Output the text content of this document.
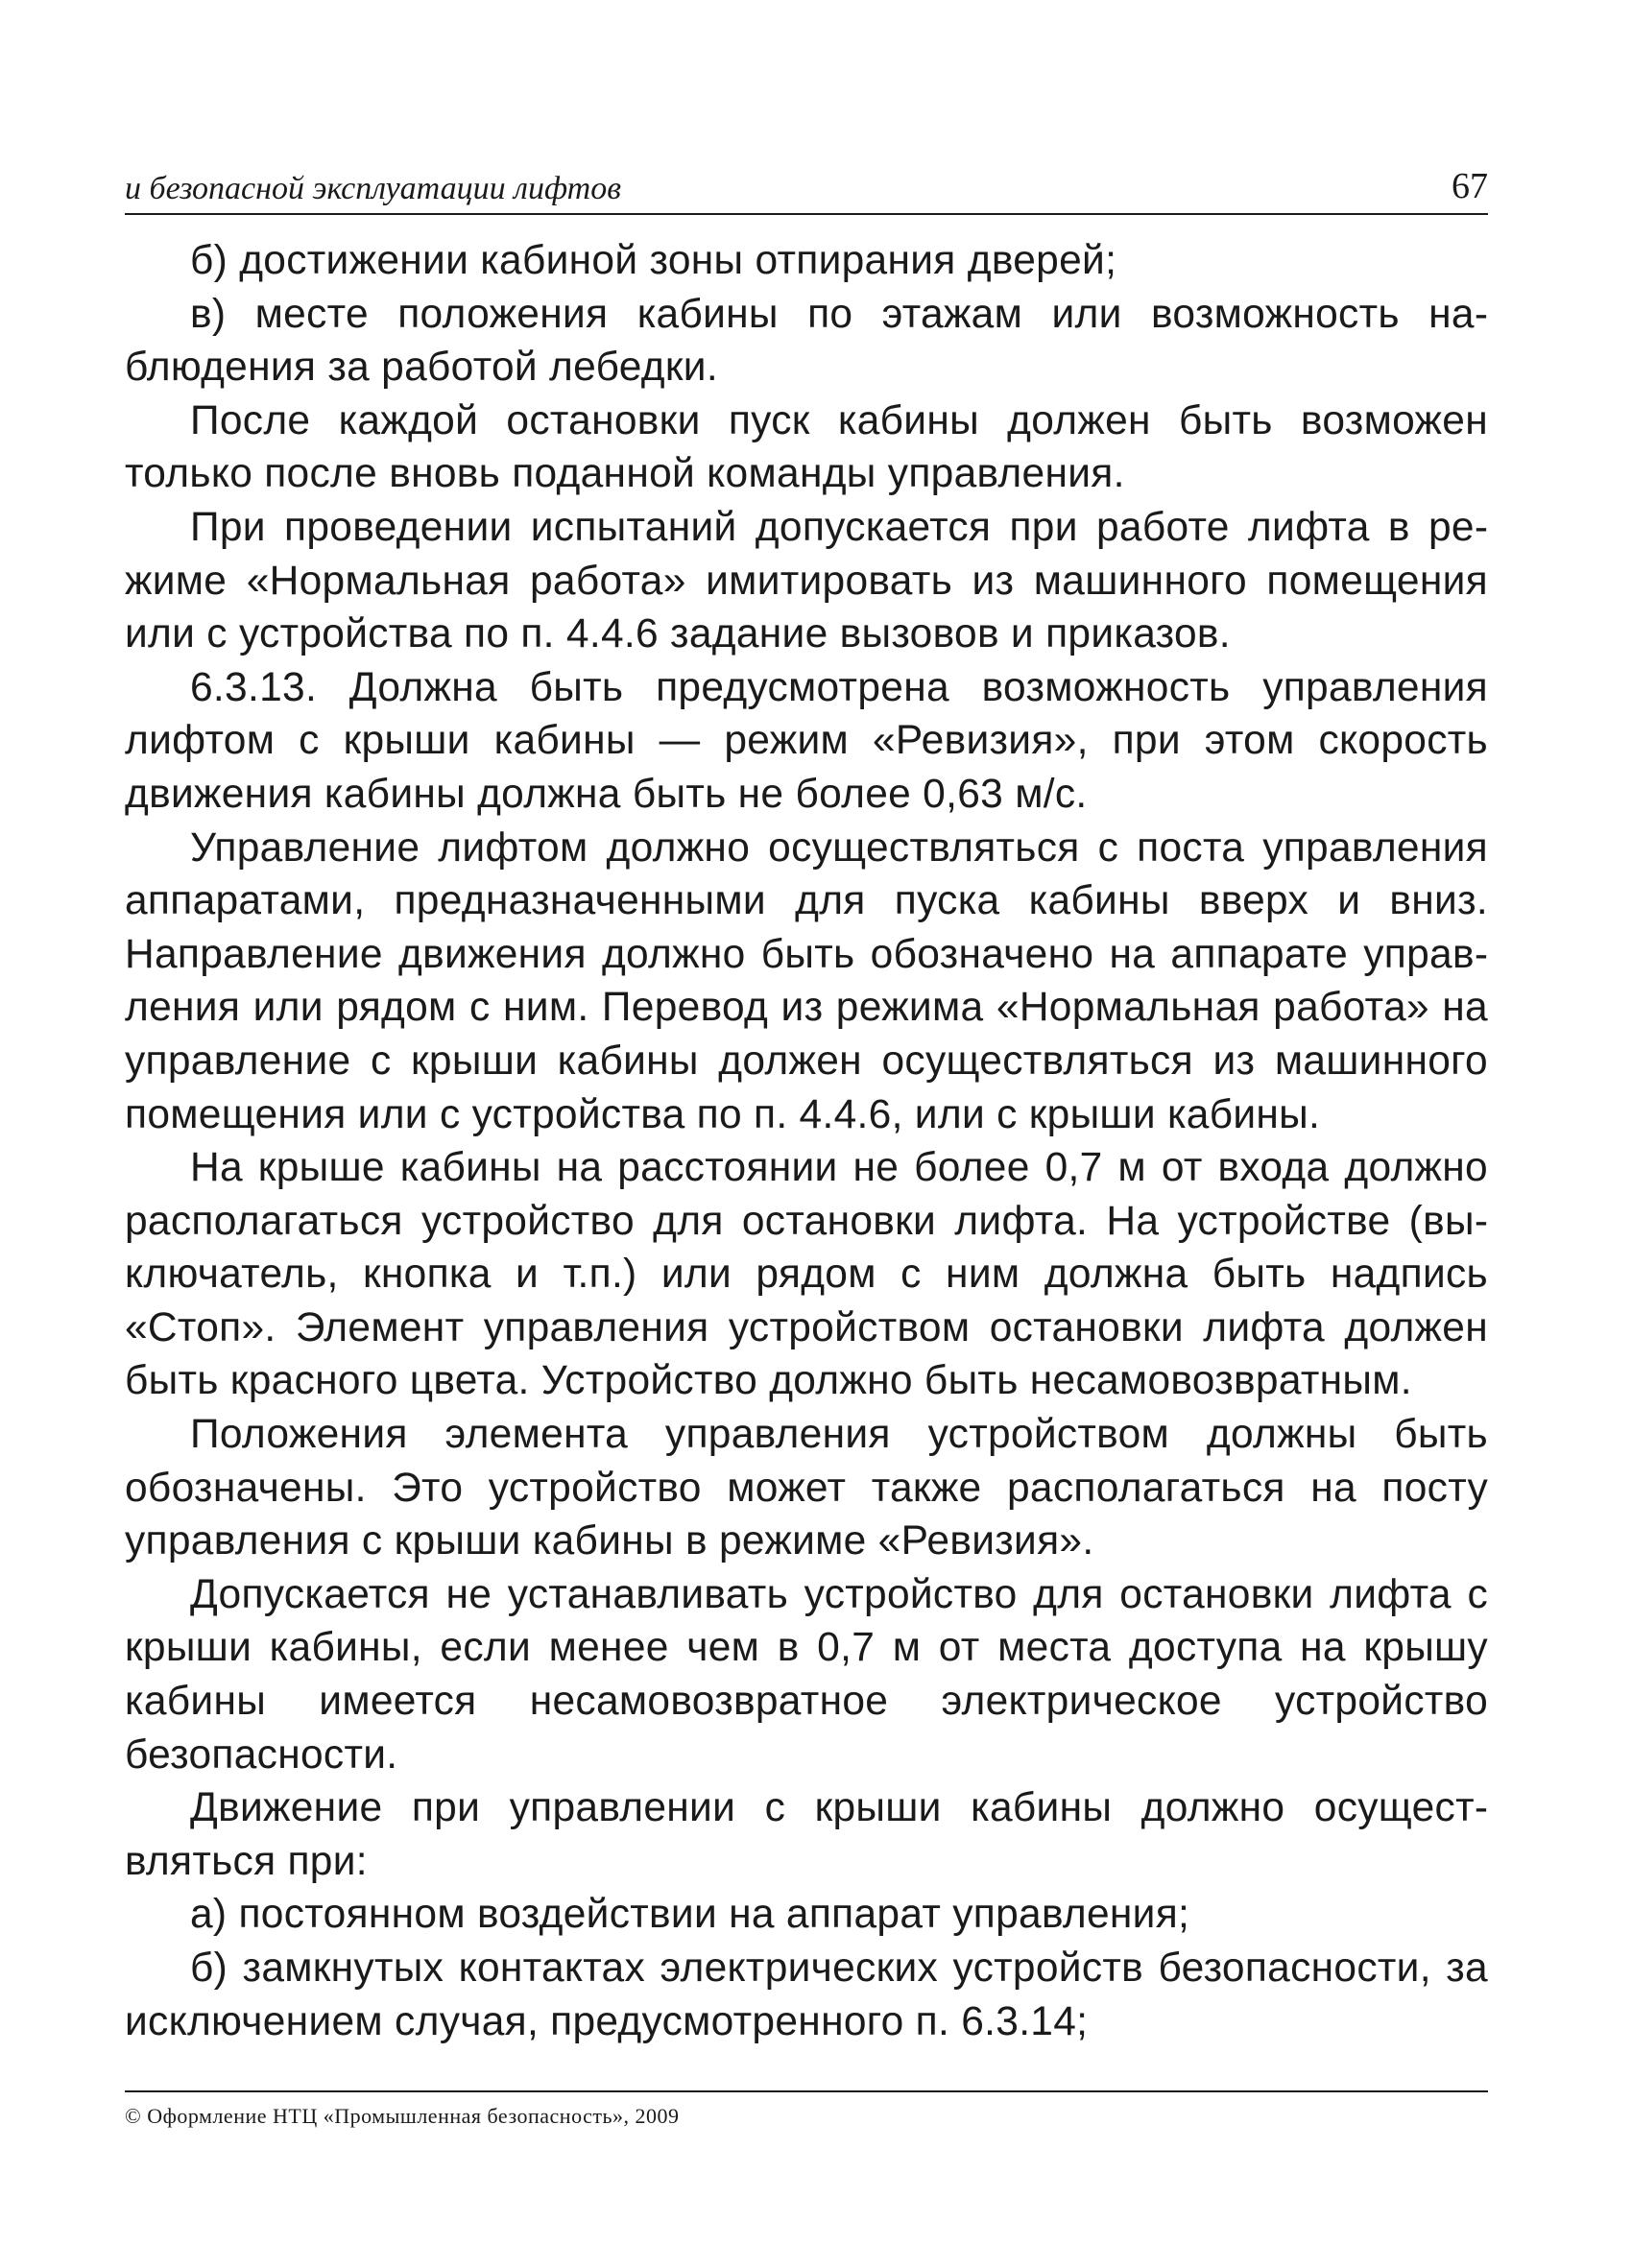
и безопасной эксплуатации лифтов	67

б) достижении кабиной зоны отпирания дверей;

в) месте положения кабины по этажам или возможность наблюдения за работой лебедки.

После каждой остановки пуск кабины должен быть возможен только после вновь поданной команды управления.

При проведении испытаний допускается при работе лифта в режиме «Нормальная работа» имитировать из машинного помещения или с устройства по п. 4.4.6 задание вызовов и приказов.

6.3.13. Должна быть предусмотрена возможность управления лифтом с крыши кабины — режим «Ревизия», при этом скорость движения кабины должна быть не более 0,63 м/с.

Управление лифтом должно осуществляться с поста управления аппаратами, предназначенными для пуска кабины вверх и вниз. Направление движения должно быть обозначено на аппарате управления или рядом с ним. Перевод из режима «Нормальная работа» на управление с крыши кабины должен осуществляться из машинного помещения или с устройства по п. 4.4.6, или с крыши кабины.

На крыше кабины на расстоянии не более 0,7 м от входа должно располагаться устройство для остановки лифта. На устройстве (выключатель, кнопка и т.п.) или рядом с ним должна быть надпись «Стоп». Элемент управления устройством остановки лифта должен быть красного цвета. Устройство должно быть несамовозвратным.

Положения элемента управления устройством должны быть обозначены. Это устройство может также располагаться на посту управления с крыши кабины в режиме «Ревизия».

Допускается не устанавливать устройство для остановки лифта с крыши кабины, если менее чем в 0,7 м от места доступа на крышу кабины имеется несамовозвратное электрическое устройство безопасности.

Движение при управлении с крыши кабины должно осуществляться при:

а) постоянном воздействии на аппарат управления;

б) замкнутых контактах электрических устройств безопасности, за исключением случая, предусмотренного п. 6.3.14;

© Оформление НТЦ «Промышленная безопасность», 2009
